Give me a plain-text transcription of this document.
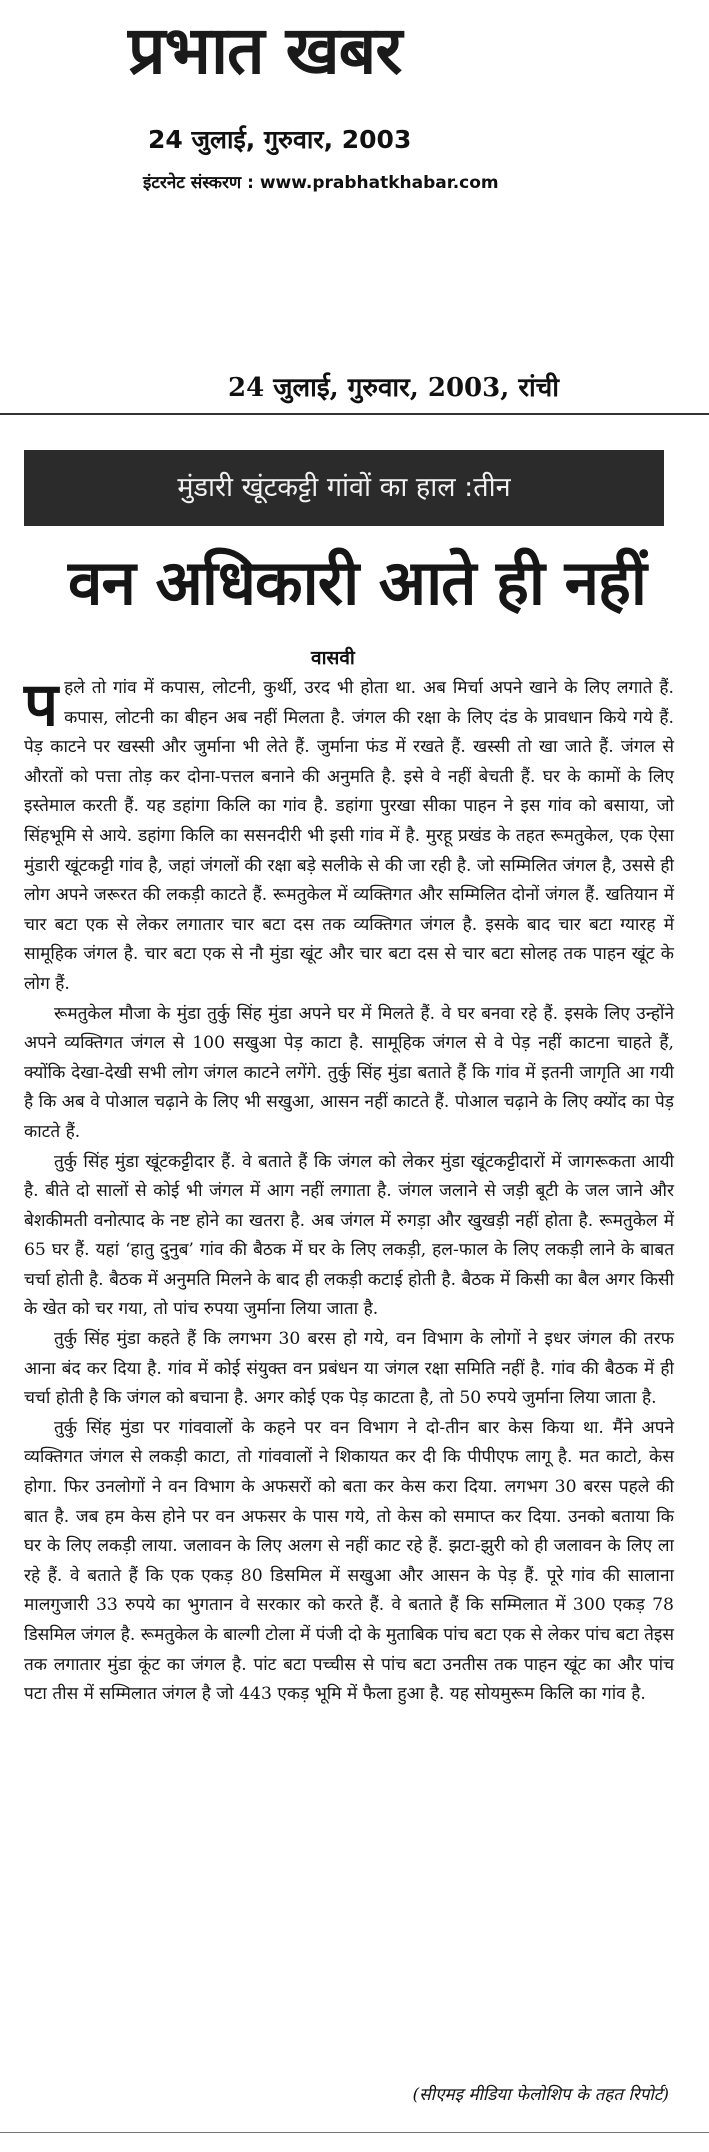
प्रभात खबर
24 जुलाई, गुरुवार, 2003
इंटरनेट संस्करण : www.prabhatkhabar.com
24 जुलाई, गुरुवार, 2003, रांची
मुंडारी खूंटकट्टी गांवों का हाल :तीन
वन अधिकारी आते ही नहीं
वासवी

पहले तो गांव में कपास, लोटनी, कुर्थी, उरद भी होता था. अब मिर्चा अपने खाने के लिए लगाते हैं. कपास, लोटनी का बीहन अब नहीं मिलता है. जंगल की रक्षा के लिए दंड के प्रावधान किये गये हैं. पेड़ काटने पर खस्सी और जुर्माना भी लेते हैं. जुर्माना फंड में रखते हैं. खस्सी तो खा जाते हैं. जंगल से औरतों को पत्ता तोड़ कर दोना-पत्तल बनाने की अनुमति है. इसे वे नहीं बेचती हैं. घर के कामों के लिए इस्तेमाल करती हैं. यह डहांगा किलि का गांव है. डहांगा पुरखा सीका पाहन ने इस गांव को बसाया, जो सिंहभूमि से आये. डहांगा किलि का ससनदीरी भी इसी गांव में है. मुरहू प्रखंड के तहत रूमतुकेल, एक ऐसा मुंडारी खूंटकट्टी गांव है, जहां जंगलों की रक्षा बड़े सलीके से की जा रही है. जो सम्मिलित जंगल है, उससे ही लोग अपने जरूरत की लकड़ी काटते हैं. रूमतुकेल में व्यक्तिगत और सम्मिलित दोनों जंगल हैं. खतियान में चार बटा एक से लेकर लगातार चार बटा दस तक व्यक्तिगत जंगल है. इसके बाद चार बटा ग्यारह में सामूहिक जंगल है. चार बटा एक से नौ मुंडा खूंट और चार बटा दस से चार बटा सोलह तक पाहन खूंट के लोग हैं.

रूमतुकेल मौजा के मुंडा तुर्कु सिंह मुंडा अपने घर में मिलते हैं. वे घर बनवा रहे हैं. इसके लिए उन्होंने अपने व्यक्तिगत जंगल से 100 सखुआ पेड़ काटा है. सामूहिक जंगल से वे पेड़ नहीं काटना चाहते हैं, क्योंकि देखा-देखी सभी लोग जंगल काटने लगेंगे. तुर्कु सिंह मुंडा बताते हैं कि गांव में इतनी जागृति आ गयी है कि अब वे पोआल चढ़ाने के लिए भी सखुआ, आसन नहीं काटते हैं. पोआल चढ़ाने के लिए क्योंद का पेड़ काटते हैं.

तुर्कु सिंह मुंडा खूंटकट्टीदार हैं. वे बताते हैं कि जंगल को लेकर मुंडा खूंटकट्टीदारों में जागरूकता आयी है. बीते दो सालों से कोई भी जंगल में आग नहीं लगाता है. जंगल जलाने से जड़ी बूटी के जल जाने और बेशकीमती वनोत्पाद के नष्ट होने का खतरा है. अब जंगल में रुगड़ा और खुखड़ी नहीं होता है. रूमतुकेल में 65 घर हैं. यहां ‘हातु दुनुब’ गांव की बैठक में घर के लिए लकड़ी, हल-फाल के लिए लकड़ी लाने के बाबत चर्चा होती है. बैठक में अनुमति मिलने के बाद ही लकड़ी कटाई होती है. बैठक में किसी का बैल अगर किसी के खेत को चर गया, तो पांच रुपया जुर्माना लिया जाता है.

तुर्कु सिंह मुंडा कहते हैं कि लगभग 30 बरस हो गये, वन विभाग के लोगों ने इधर जंगल की तरफ आना बंद कर दिया है. गांव में कोई संयुक्त वन प्रबंधन या जंगल रक्षा समिति नहीं है. गांव की बैठक में ही चर्चा होती है कि जंगल को बचाना है. अगर कोई एक पेड़ काटता है, तो 50 रुपये जुर्माना लिया जाता है.

तुर्कु सिंह मुंडा पर गांववालों के कहने पर वन विभाग ने दो-तीन बार केस किया था. मैंने अपने व्यक्तिगत जंगल से लकड़ी काटा, तो गांववालों ने शिकायत कर दी कि पीपीएफ लागू है. मत काटो, केस होगा. फिर उनलोगों ने वन विभाग के अफसरों को बता कर केस करा दिया. लगभग 30 बरस पहले की बात है. जब हम केस होने पर वन अफसर के पास गये, तो केस को समाप्त कर दिया. उनको बताया कि घर के लिए लकड़ी लाया. जलावन के लिए अलग से नहीं काट रहे हैं. झटा-झुरी को ही जलावन के लिए ला रहे हैं. वे बताते हैं कि एक एकड़ 80 डिसमिल में सखुआ और आसन के पेड़ हैं. पूरे गांव की सालाना मालगुजारी 33 रुपये का भुगतान वे सरकार को करते हैं. वे बताते हैं कि सम्मिलात में 300 एकड़ 78 डिसमिल जंगल है. रूमतुकेल के बाल्गी टोला में पंजी दो के मुताबिक पांच बटा एक से लेकर पांच बटा तेइस तक लगातार मुंडा कूंट का जंगल है. पांट बटा पच्चीस से पांच बटा उनतीस तक पाहन खूंट का और पांच पटा तीस में सम्मिलात जंगल है जो 443 एकड़ भूमि में फैला हुआ है. यह सोयमुरूम किलि का गांव है.

(सीएमइ मीडिया फेलोशिप के तहत रिपोर्ट)
